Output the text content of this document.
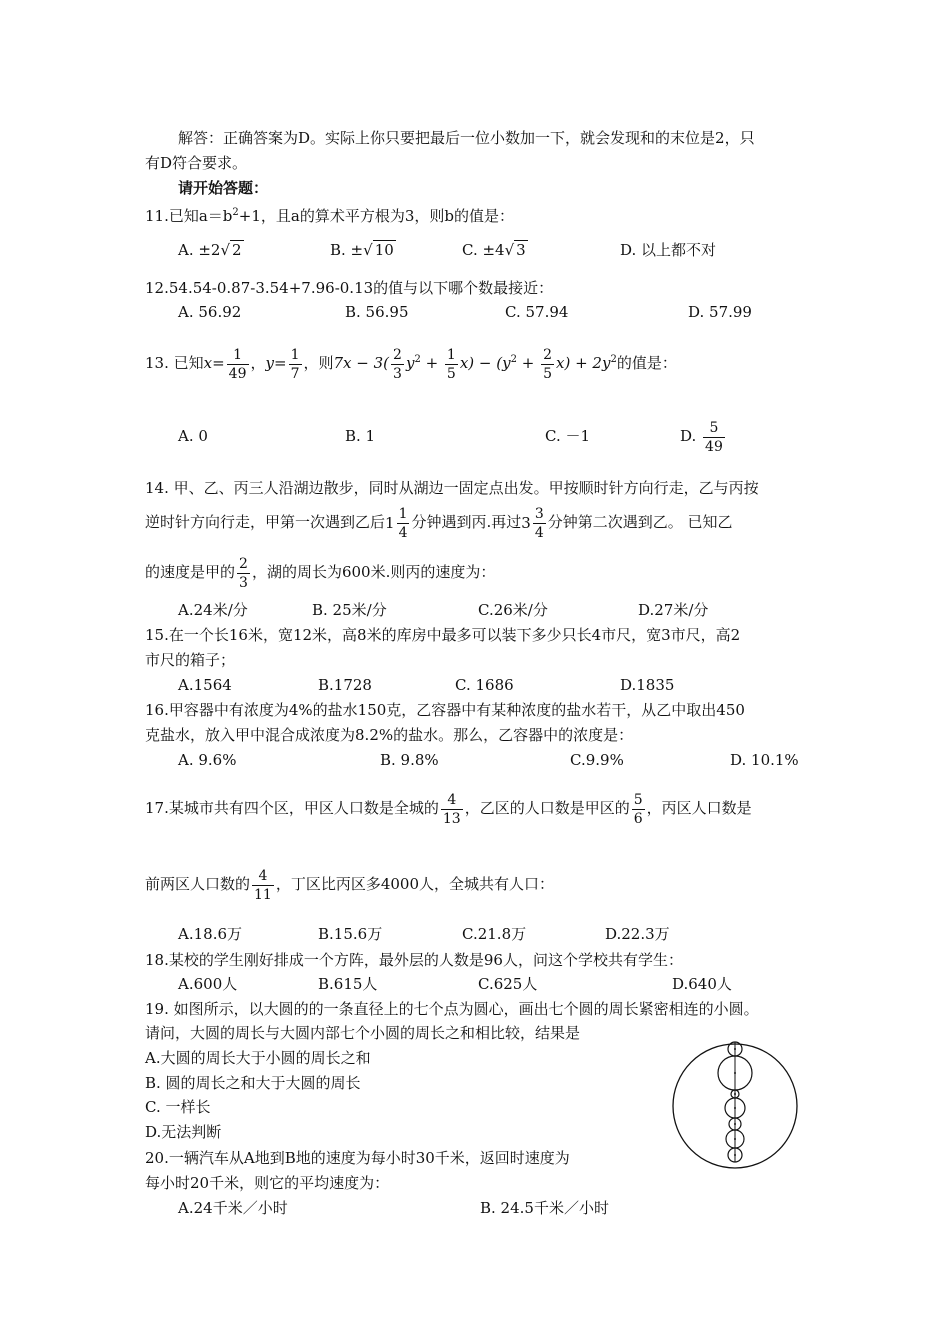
解答：正确答案为D。实际上你只要把最后一位小数加一下，就会发现和的末位是2，只
有D符合要求。
请开始答题：
11.已知$a=b^2+1$，且a的算术平方根为3，则b的值是：
A. ±2√ 2	B. ±√ 10	C. ±4√ 3	D. 以上都不对
12.54.54-0.87-3.54+7.96-0.13的值与以下哪个数最接近：
A. 56.92	B. 56.95	C. 57.94	D. 57.99
13. 已知$x= \frac{1}{49}$ ，$y= \frac{1}{7}$ ，则$7x - 3( \frac{2}{3} y^2 + \frac{1}{5} x) - (y^2 + \frac{2}{5} x) + 2y^2$的值是：
A. 0	B. 1	C. －1	D. $\frac{5}{49}$
14. 甲、乙、丙三人沿湖边散步，同时从湖边一固定点出发。甲按顺时针方向行走，乙与丙按
逆时针方向行走，甲第一次遇到乙后$1 \frac{1}{4}$ 分钟遇到丙.再过$3 \frac{3}{4}$ 分钟第二次遇到乙。 已知乙
的速度是甲的 $\frac{2}{3}$ ，湖的周长为600米.则丙的速度为：
A.24米/分	B. 25米/分	C.26米/分	D.27米/分
15.在一个长16米，宽12米，高8米的库房中最多可以装下多少只长4市尺，宽3市尺，高2
市尺的箱子；
A.1564	B.1728	C. 1686	D.1835
16.甲容器中有浓度为4%的盐水150克，乙容器中有某种浓度的盐水若干，从乙中取出450
克盐水，放入甲中混合成浓度为8.2%的盐水。那么，乙容器中的浓度是：
A. 9.6%	B. 9.8%	C.9.9%	D. 10.1%
17.某城市共有四个区，甲区人口数是全城的 $\frac{4}{13}$ ，乙区的人口数是甲区的 $\frac{5}{6}$ ，丙区人口数是
前两区人口数的 $\frac{4}{11}$ ，丁区比丙区多4000人，全城共有人口：
A.18.6万	B.15.6万	C.21.8万	D.22.3万
18.某校的学生刚好排成一个方阵，最外层的人数是96人，问这个学校共有学生：
A.600人	B.615人	C.625人	D.640人
19. 如图所示，以大圆的的一条直径上的七个点为圆心，画出七个圆的周长紧密相连的小圆。
请问，大圆的周长与大圆内部七个小圆的周长之和相比较，结果是
A.大圆的周长大于小圆的周长之和
B. 圆的周长之和大于大圆的周长
C. 一样长
D.无法判断
20.一辆汽车从A地到B地的速度为每小时30千米，返回时速度为
每小时20千米，则它的平均速度为：
A.24千米／小时	B. 24.5千米／小时
